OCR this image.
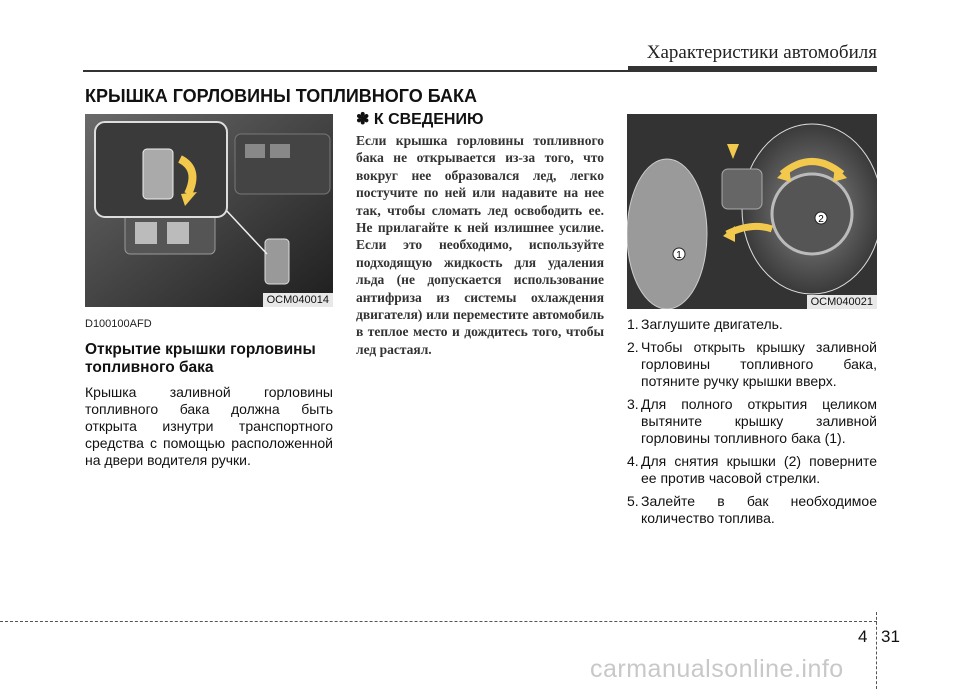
Характеристики автомобиля
КРЫШКА ГОРЛОВИНЫ ТОПЛИВНОГО БАКА
OCM040014
D100100AFD
Открытие крышки горловины топливного бака
Крышка заливной горловины топливного бака должна быть открыта изнутри транспортного средства с помощью расположенной на двери водителя ручки.
✽ К СВЕДЕНИЮ
Если крышка горловины топливного бака не открывается из-за того, что вокруг нее образовался лед, легко постучите по ней или надавите на нее так, чтобы сломать лед освободить ее. Не прилагайте к ней излишнее усилие. Если это необходимо, используйте подходящую жидкость для удаления льда (не допускается использование антифриза из системы охлаждения двигателя) или переместите автомобиль в теплое место и дождитесь того, чтобы лед растаял.
1
2
OCM040021
1. Заглушите двигатель.
2. Чтобы открыть крышку заливной горловины топливного бака, потяните ручку крышки вверх.
3. Для полного открытия целиком вытяните крышку заливной горловины топливного бака (1).
4. Для снятия крышки (2) поверните ее против часовой стрелки.
5. Залейте в бак необходимое количество топлива.
4 31
carmanualsonline.info
